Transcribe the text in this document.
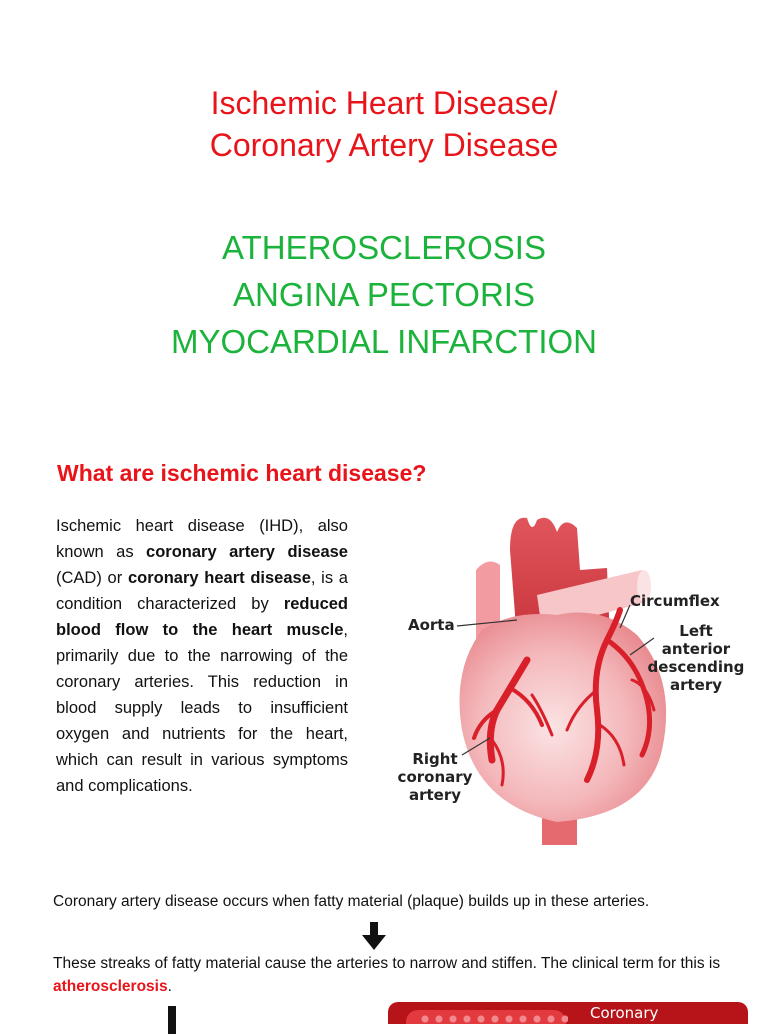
Ischemic Heart Disease/
Coronary Artery Disease
ATHEROSCLEROSIS
ANGINA PECTORIS
MYOCARDIAL INFARCTION
What are ischemic heart disease?
Ischemic heart disease (IHD), also known as coronary artery disease (CAD) or coronary heart disease, is a condition characterized by reduced blood flow to the heart muscle, primarily due to the narrowing of the coronary arteries. This reduction in blood supply leads to insufficient oxygen and nutrients for the heart, which can result in various symptoms and complications.
Aorta
Circumflex
Left
anterior
descending
artery
Right
coronary
artery
Coronary artery disease occurs when fatty material (plaque) builds up in these arteries.
These streaks of fatty material cause the arteries to narrow and stiffen. The clinical term for this is atherosclerosis.
Coronary
